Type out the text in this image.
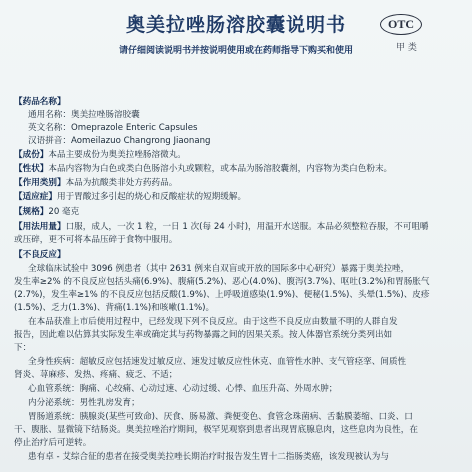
奥美拉唑肠溶胶囊说明书	OTC
甲 类
请仔细阅读说明书并按说明使用或在药师指导下购买和使用
【药品名称】
通用名称：奥美拉唑肠溶胶囊
英文名称：Omeprazole Enteric Capsules
汉语拼音：Aomeilazuo Changrong Jiaonang
【成份】本品主要成份为奥美拉唑肠溶微丸。
【性状】本品内容物为白色或类白色肠溶小丸或颗粒，或本品为肠溶胶囊剂，内容物为类白色粉末。
【作用类别】本品为抗酸类非处方药药品。
【适应症】用于胃酸过多引起的烧心和反酸症状的短期缓解。
【规格】20 毫克
【用法用量】口服，成人，一次 1 粒，一日 1 次(每 24 小时)，用温开水送服。本品必须整粒吞服，不可咀嚼
或压碎，更不可将本品压碎于食物中服用。
【不良反应】
全球临床试验中 3096 例患者（其中 2631 例来自双盲或开放的国际多中心研究）暴露于奥美拉唑，
发生率≥2% 的不良反应包括头痛(6.9%)、腹痛(5.2%)、恶心(4.0%)、腹泻(3.7%)、呕吐(3.2%)和胃肠胀气
(2.7%)，发生率≥1% 的不良反应包括反酸(1.9%)、上呼吸道感染(1.9%)、便秘(1.5%)、头晕(1.5%)、皮疹
(1.5%)、乏力(1.3%)、背痛(1.1%)和咳嗽(1.1%)。
在本品获准上市后使用过程中，已经发现下列不良反应。由于这些不良反应由数量不明的人群自发
报告，因此难以估算其实际发生率或确定其与药物暴露之间的因果关系。按人体器官系统分类列出如
下：
全身性疾病：超敏反应包括速发过敏反应、速发过敏反应性休克、血管性水肿、支气管痉挛、间质性
肾炎、荨麻疹、发热、疼痛、疲乏、不适；
心血管系统：胸痛、心绞痛、心动过速、心动过缓、心悸、血压升高、外周水肿；
内分泌系统：男性乳房发育；
胃肠道系统：胰腺炎(某些可致命)、厌食、肠易激、粪便变色、食管念珠菌病、舌黏膜萎缩、口炎、口
干、腹胀、显微镜下结肠炎。奥美拉唑治疗期间，极罕见观察到患者出现胃底腺息肉，这些息肉为良性，在
停止治疗后可逆转。
患有卓 - 艾综合征的患者在接受奥美拉唑长期治疗时报告发生胃十二指肠类癌，该发现被认为与
